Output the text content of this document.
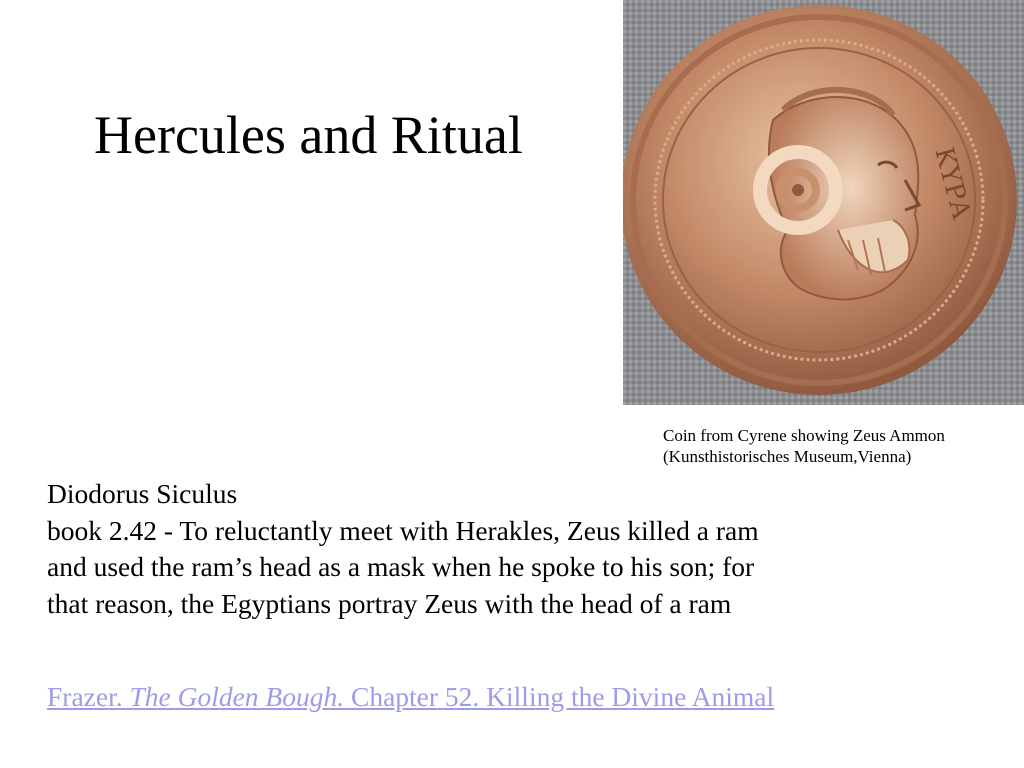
Hercules and Ritual
ΚΥΡΑ
Coin from Cyrene showing Zeus Ammon
(Kunsthistorisches Museum,Vienna)

Diodorus Siculus

book 2.42 - To reluctantly meet with Herakles, Zeus killed a ram

and used the ram’s head as a mask when he spoke to his son; for

that reason, the Egyptians portray Zeus with the head of a ram

Frazer. The Golden Bough. Chapter 52. Killing the Divine Animal
